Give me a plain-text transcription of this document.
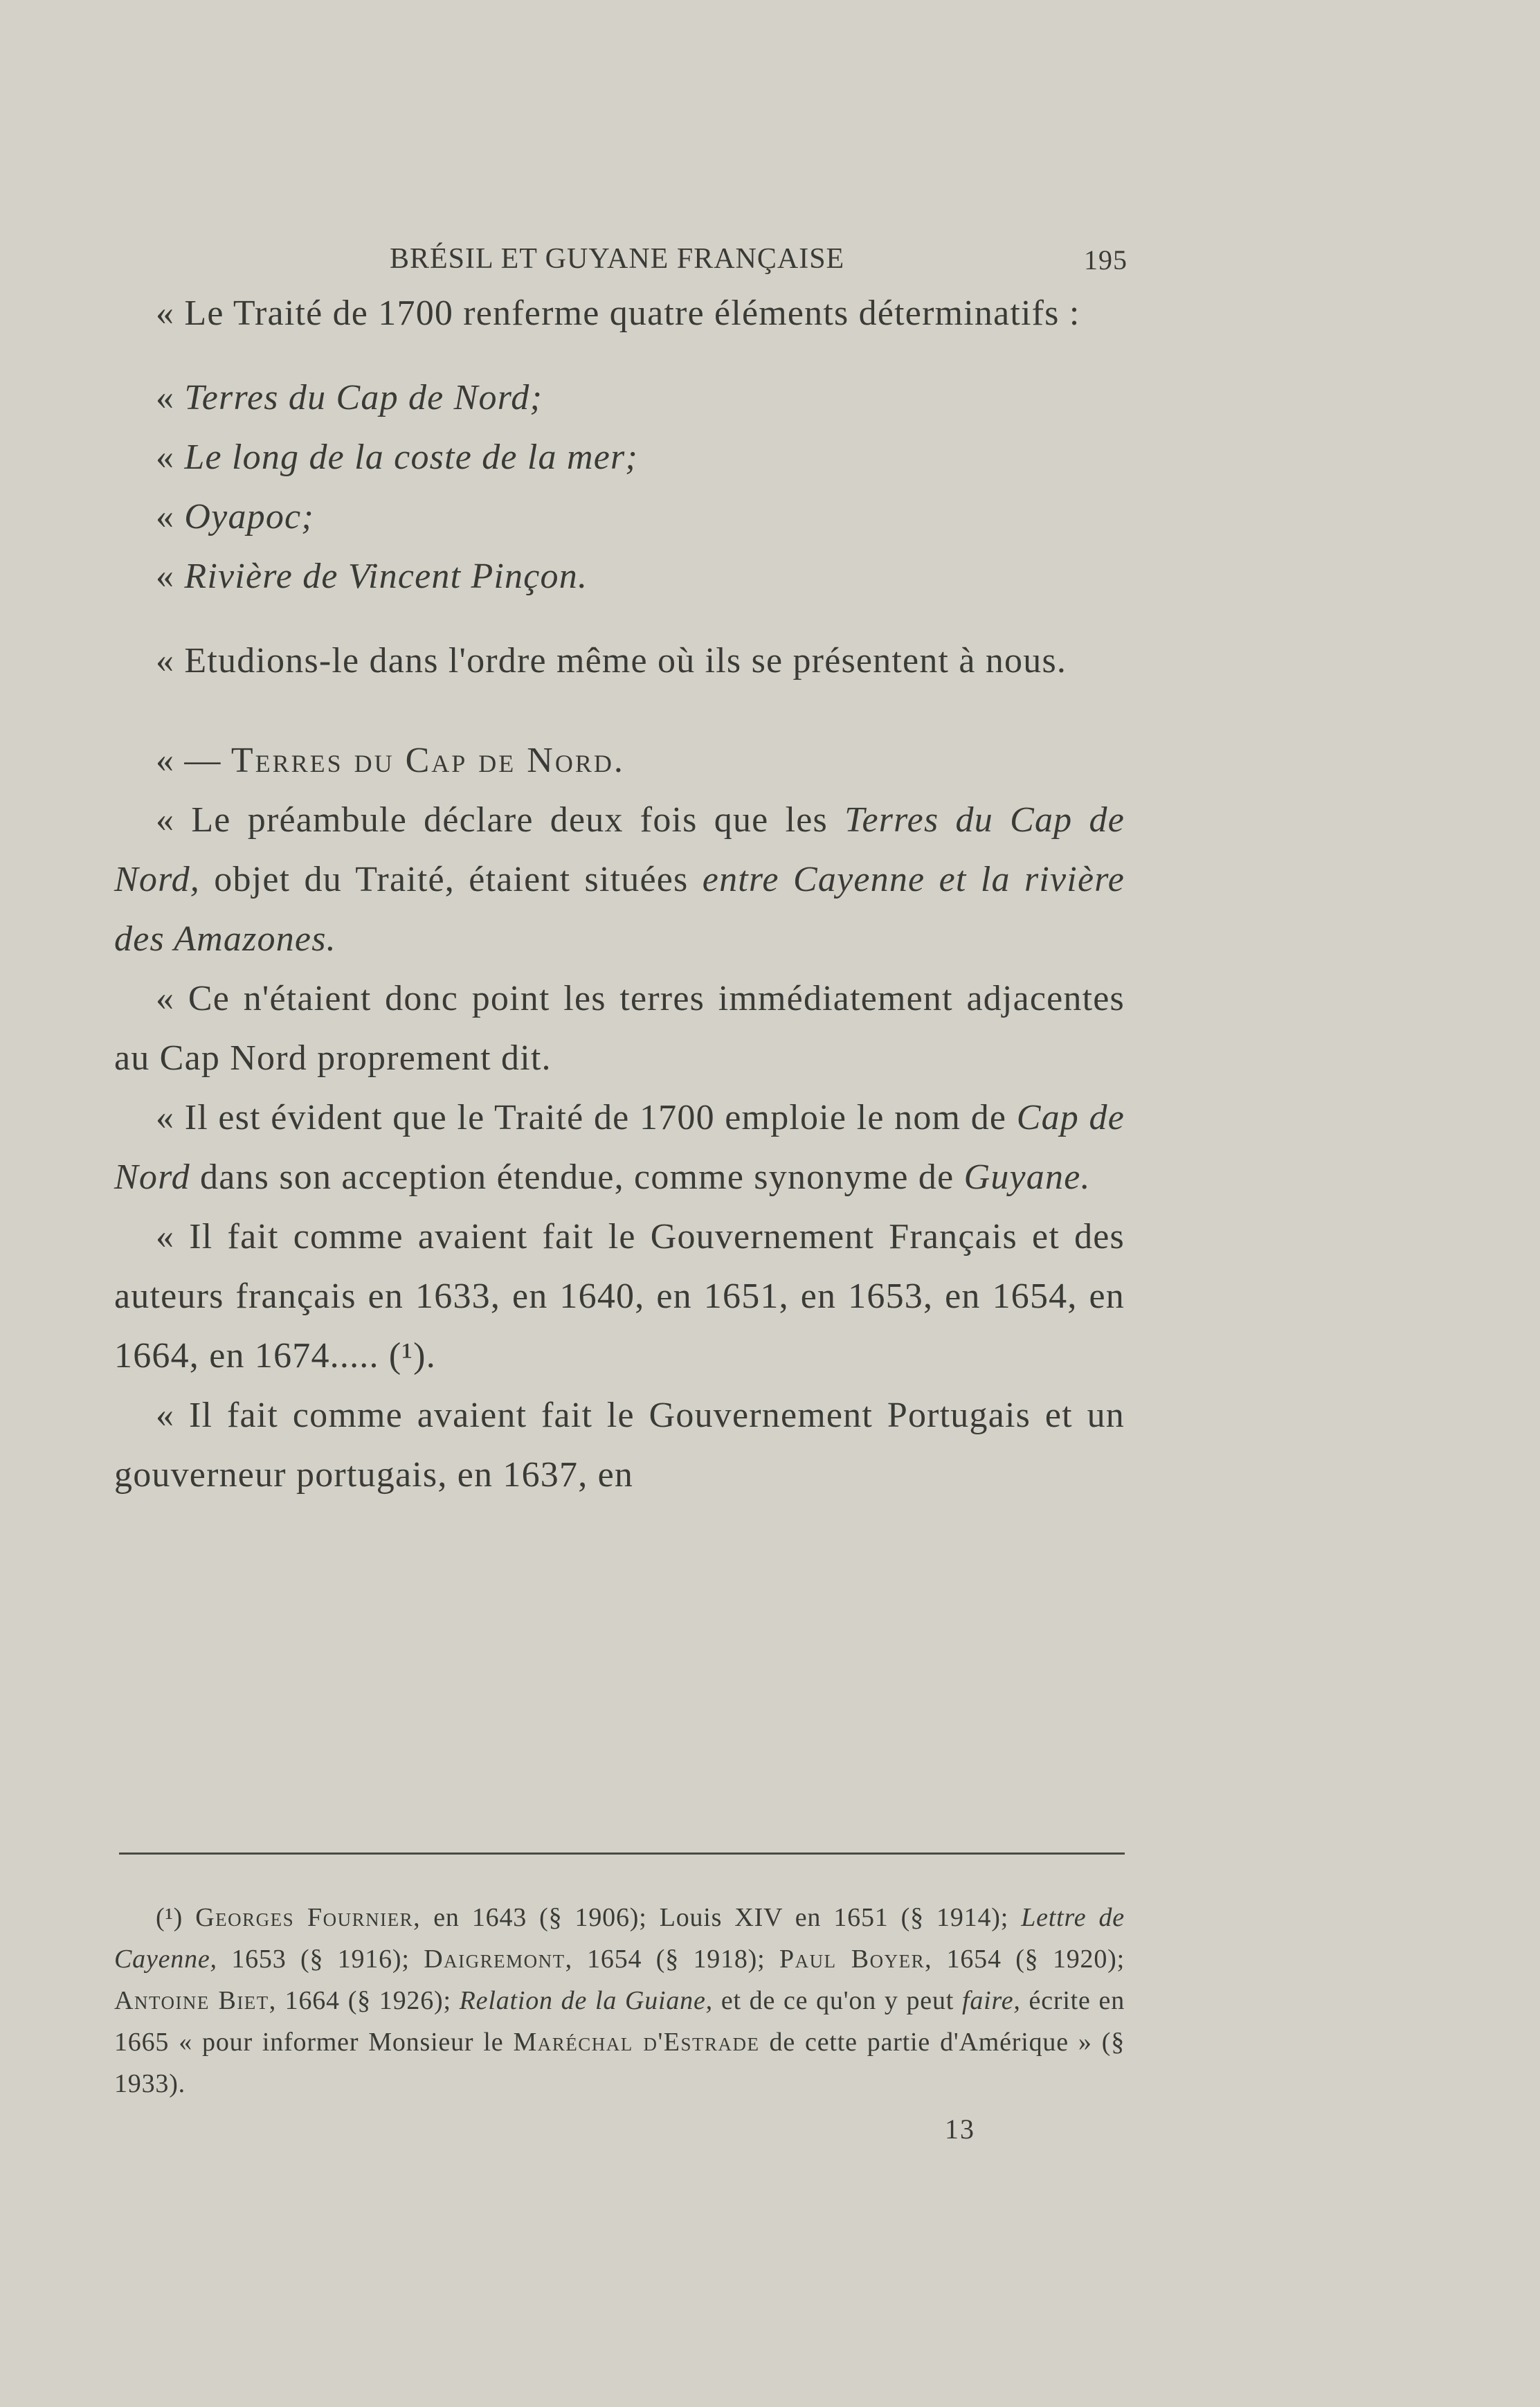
BRÉSIL ET GUYANE FRANÇAISE	195

« Le Traité de 1700 renferme quatre éléments déterminatifs :

« Terres du Cap de Nord;

« Le long de la coste de la mer;

« Oyapoc;

« Rivière de Vincent Pinçon.

« Etudions-le dans l'ordre même où ils se présentent à nous.

« — Terres du Cap de Nord.

« Le préambule déclare deux fois que les Terres du Cap de Nord, objet du Traité, étaient situées entre Cayenne et la rivière des Amazones.

« Ce n'étaient donc point les terres immédiatement adjacentes au Cap Nord proprement dit.

« Il est évident que le Traité de 1700 emploie le nom de Cap de Nord dans son acception étendue, comme synonyme de Guyane.

« Il fait comme avaient fait le Gouvernement Français et des auteurs français en 1633, en 1640, en 1651, en 1653, en 1654, en 1664, en 1674..... (¹).

« Il fait comme avaient fait le Gouvernement Portugais et un gouverneur portugais, en 1637, en

(¹) Georges Fournier, en 1643 (§ 1906); Louis XIV en 1651 (§ 1914); Lettre de Cayenne, 1653 (§ 1916); Daigremont, 1654 (§ 1918); Paul Boyer, 1654 (§ 1920); Antoine Biet, 1664 (§ 1926); Relation de la Guiane, et de ce qu'on y peut faire, écrite en 1665 « pour informer Monsieur le Maréchal d'Estrade de cette partie d'Amérique » (§ 1933).
13
